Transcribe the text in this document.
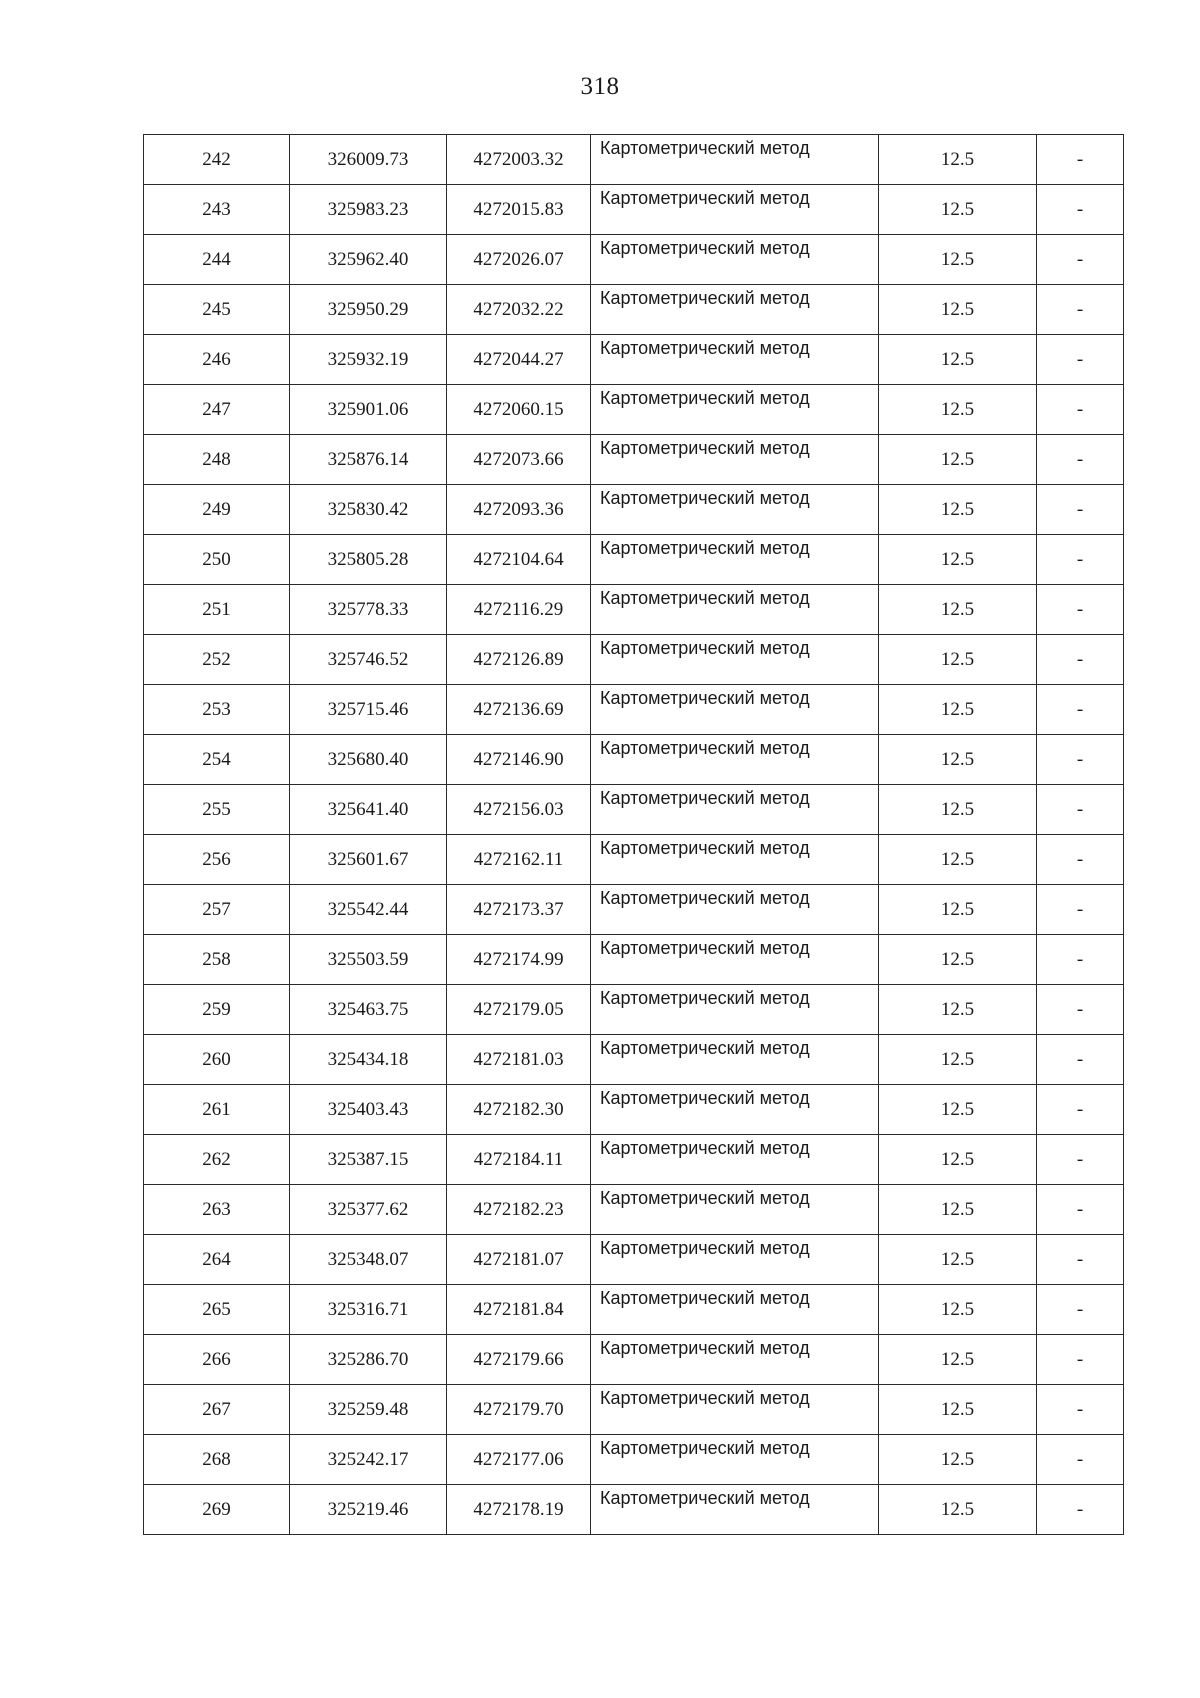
318
242	326009.73	4272003.32	Картометрический метод	12.5	-
243	325983.23	4272015.83	Картометрический метод	12.5	-
244	325962.40	4272026.07	Картометрический метод	12.5	-
245	325950.29	4272032.22	Картометрический метод	12.5	-
246	325932.19	4272044.27	Картометрический метод	12.5	-
247	325901.06	4272060.15	Картометрический метод	12.5	-
248	325876.14	4272073.66	Картометрический метод	12.5	-
249	325830.42	4272093.36	Картометрический метод	12.5	-
250	325805.28	4272104.64	Картометрический метод	12.5	-
251	325778.33	4272116.29	Картометрический метод	12.5	-
252	325746.52	4272126.89	Картометрический метод	12.5	-
253	325715.46	4272136.69	Картометрический метод	12.5	-
254	325680.40	4272146.90	Картометрический метод	12.5	-
255	325641.40	4272156.03	Картометрический метод	12.5	-
256	325601.67	4272162.11	Картометрический метод	12.5	-
257	325542.44	4272173.37	Картометрический метод	12.5	-
258	325503.59	4272174.99	Картометрический метод	12.5	-
259	325463.75	4272179.05	Картометрический метод	12.5	-
260	325434.18	4272181.03	Картометрический метод	12.5	-
261	325403.43	4272182.30	Картометрический метод	12.5	-
262	325387.15	4272184.11	Картометрический метод	12.5	-
263	325377.62	4272182.23	Картометрический метод	12.5	-
264	325348.07	4272181.07	Картометрический метод	12.5	-
265	325316.71	4272181.84	Картометрический метод	12.5	-
266	325286.70	4272179.66	Картометрический метод	12.5	-
267	325259.48	4272179.70	Картометрический метод	12.5	-
268	325242.17	4272177.06	Картометрический метод	12.5	-
269	325219.46	4272178.19	Картометрический метод	12.5	-
